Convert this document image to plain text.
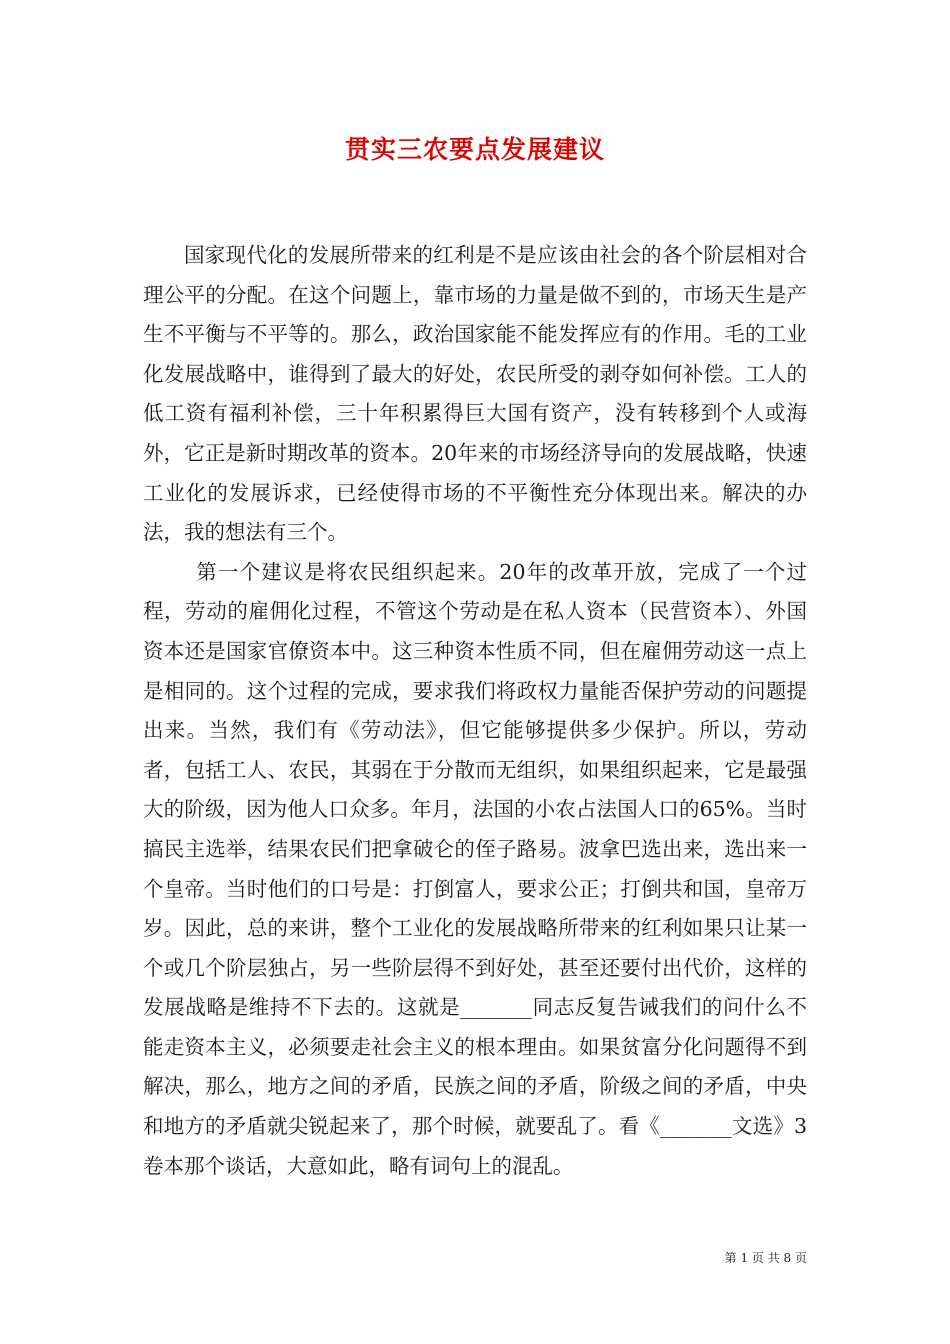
贯实三农要点发展建议

国家现代化的发展所带来的红利是不是应该由社会的各个阶层相对合理公平的分配。在这个问题上，靠市场的力量是做不到的，市场天生是产生不平衡与不平等的。那么，政治国家能不能发挥应有的作用。毛的工业化发展战略中，谁得到了最大的好处，农民所受的剥夺如何补偿。工人的低工资有福利补偿，三十年积累得巨大国有资产，没有转移到个人或海外，它正是新时期改革的资本。20年来的市场经济导向的发展战略，快速工业化的发展诉求，已经使得市场的不平衡性充分体现出来。解决的办法，我的想法有三个。

第一个建议是将农民组织起来。20年的改革开放，完成了一个过程，劳动的雇佣化过程，不管这个劳动是在私人资本（民营资本）、外国资本还是国家官僚资本中。这三种资本性质不同，但在雇佣劳动这一点上是相同的。这个过程的完成，要求我们将政权力量能否保护劳动的问题提出来。当然，我们有《劳动法》，但它能够提供多少保护。所以，劳动者，包括工人、农民，其弱在于分散而无组织，如果组织起来，它是最强大的阶级，因为他人口众多。年月，法国的小农占法国人口的65%。当时搞民主选举，结果农民们把拿破仑的侄子路易。波拿巴选出来，选出来一个皇帝。当时他们的口号是：打倒富人，要求公正；打倒共和国，皇帝万岁。因此，总的来讲，整个工业化的发展战略所带来的红利如果只让某一个或几个阶层独占，另一些阶层得不到好处，甚至还要付出代价，这样的发展战略是维持不下去的。这就是_______同志反复告诫我们的问什么不能走资本主义，必须要走社会主义的根本理由。如果贫富分化问题得不到解决，那么，地方之间的矛盾，民族之间的矛盾，阶级之间的矛盾，中央和地方的矛盾就尖锐起来了，那个时候，就要乱了。看《_______文选》3卷本那个谈话，大意如此，略有词句上的混乱。

第 1 页 共 8 页
